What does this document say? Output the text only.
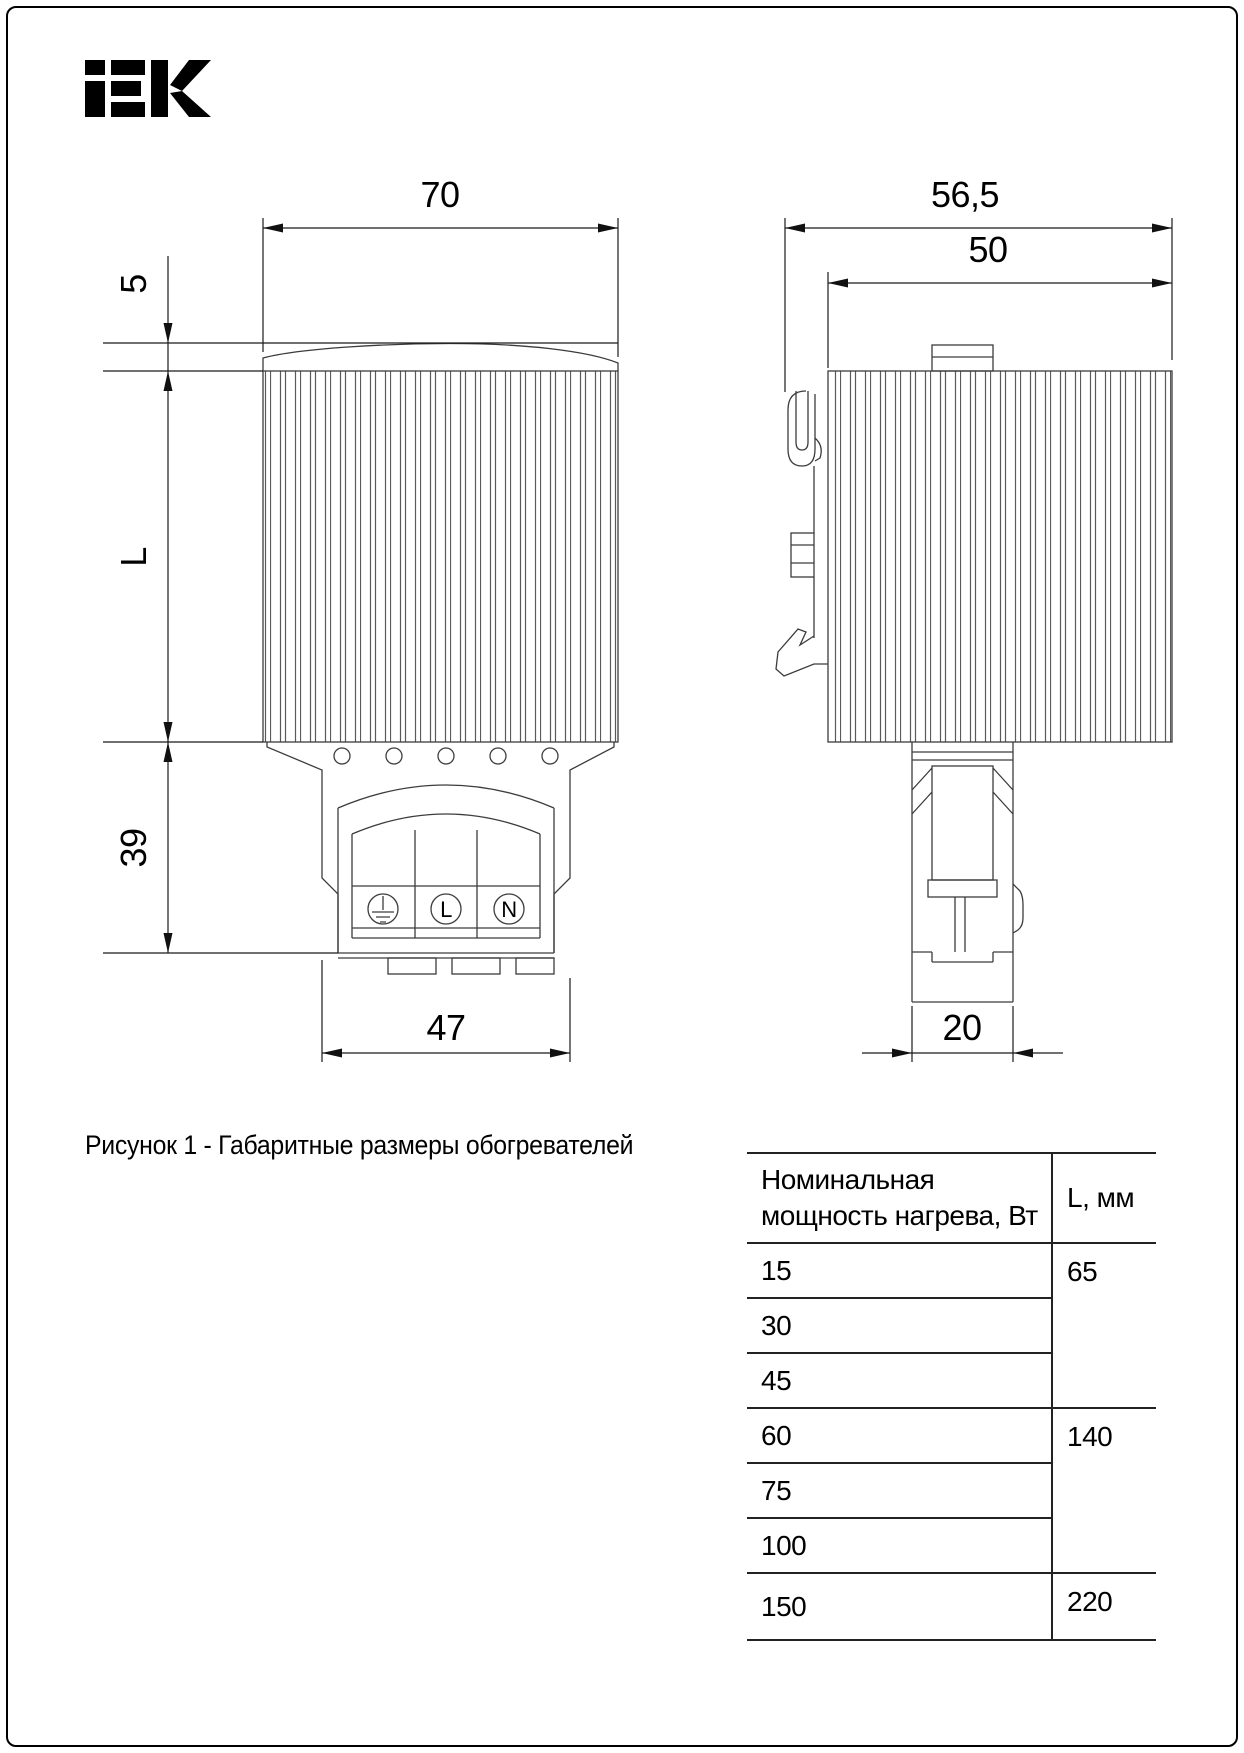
L N
70
5
L
39
47
56,5
50
20
Рисунок 1 - Габаритные размеры обогревателей
Номинальная мощность нагрева, Вт	L, мм
15	65
30	
45	
60	140
75	
100	
150	220
